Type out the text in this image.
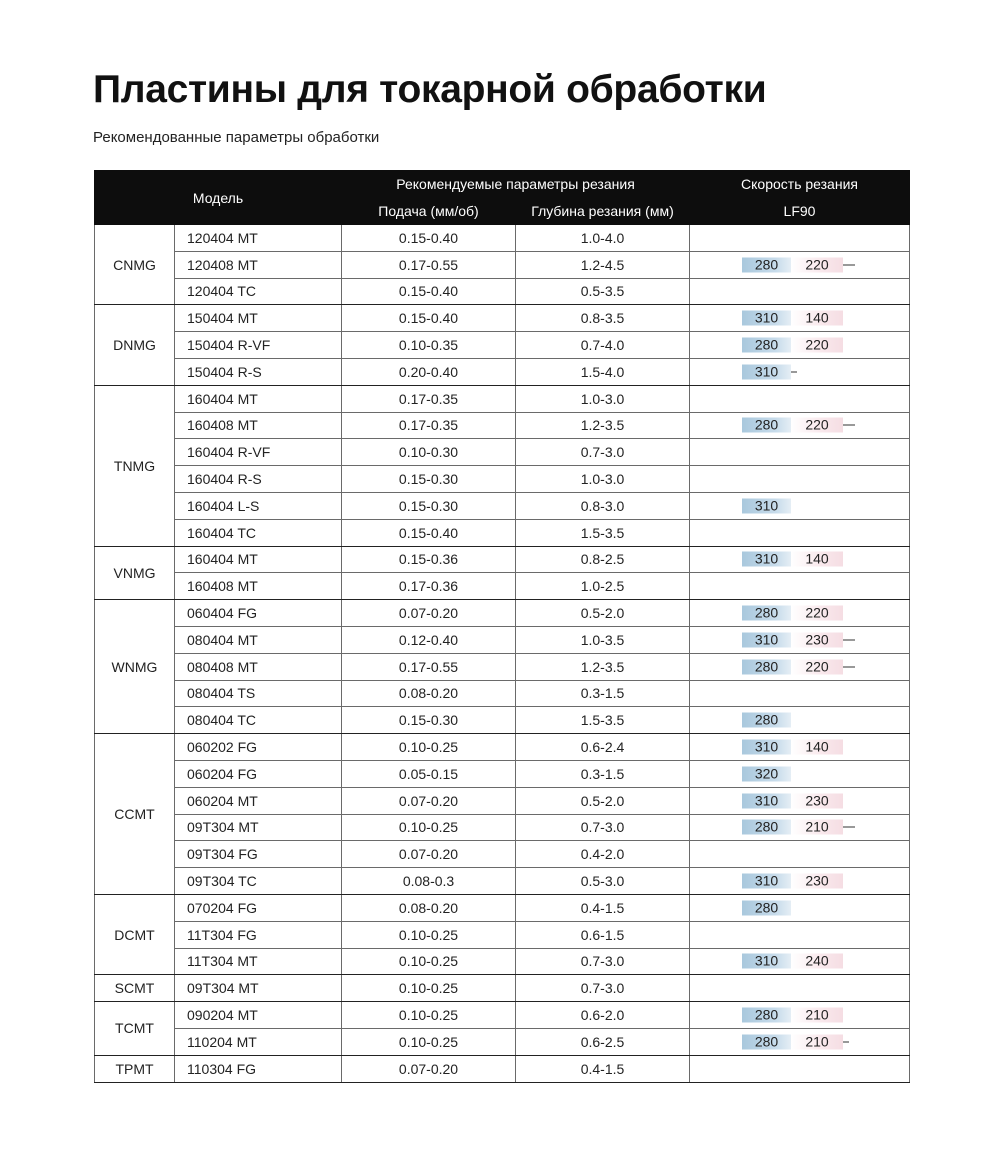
Пластины для токарной обработки

Рекомендованные параметры обработки

Модель		Рекомендуемые параметры резания		Скорость резания
		Подача (мм/об)	Глубина резания (мм)	LF90
CNMG	120404 MT	0.15-0.40	1.0-4.0	
	120408 MT	0.17-0.55	1.2-4.5	280 220

	120404 TC	0.15-0.40	0.5-3.5	
DNMG	150404 MT	0.15-0.40	0.8-3.5	310 140

	150404 R-VF	0.10-0.35	0.7-4.0	280 220

	150404 R-S	0.20-0.40	1.5-4.0	310

TNMG	160404 MT	0.17-0.35	1.0-3.0	
	160408 MT	0.17-0.35	1.2-3.5	280 220

	160404 R-VF	0.10-0.30	0.7-3.0	
	160404 R-S	0.15-0.30	1.0-3.0	
	160404 L-S	0.15-0.30	0.8-3.0	310

	160404 TC	0.15-0.40	1.5-3.5	
VNMG	160404 MT	0.15-0.36	0.8-2.5	310 140

	160408 MT	0.17-0.36	1.0-2.5	
WNMG	060404 FG	0.07-0.20	0.5-2.0	280 220

	080404 MT	0.12-0.40	1.0-3.5	310 230

	080408 MT	0.17-0.55	1.2-3.5	280 220

	080404 TS	0.08-0.20	0.3-1.5	
	080404 TC	0.15-0.30	1.5-3.5	280

CCMT	060202 FG	0.10-0.25	0.6-2.4	310 140

	060204 FG	0.05-0.15	0.3-1.5	320

	060204 MT	0.07-0.20	0.5-2.0	310 230

	09T304 MT	0.10-0.25	0.7-3.0	280 210

	09T304 FG	0.07-0.20	0.4-2.0	
	09T304 TC	0.08-0.3	0.5-3.0	310 230

DCMT	070204 FG	0.08-0.20	0.4-1.5	280

	11T304 FG	0.10-0.25	0.6-1.5	
	11T304 MT	0.10-0.25	0.7-3.0	310 240

SCMT	09T304 MT	0.10-0.25	0.7-3.0	
TCMT	090204 MT	0.10-0.25	0.6-2.0	280 210

	110204 MT	0.10-0.25	0.6-2.5	280 210

TPMT	110304 FG	0.07-0.20	0.4-1.5	
